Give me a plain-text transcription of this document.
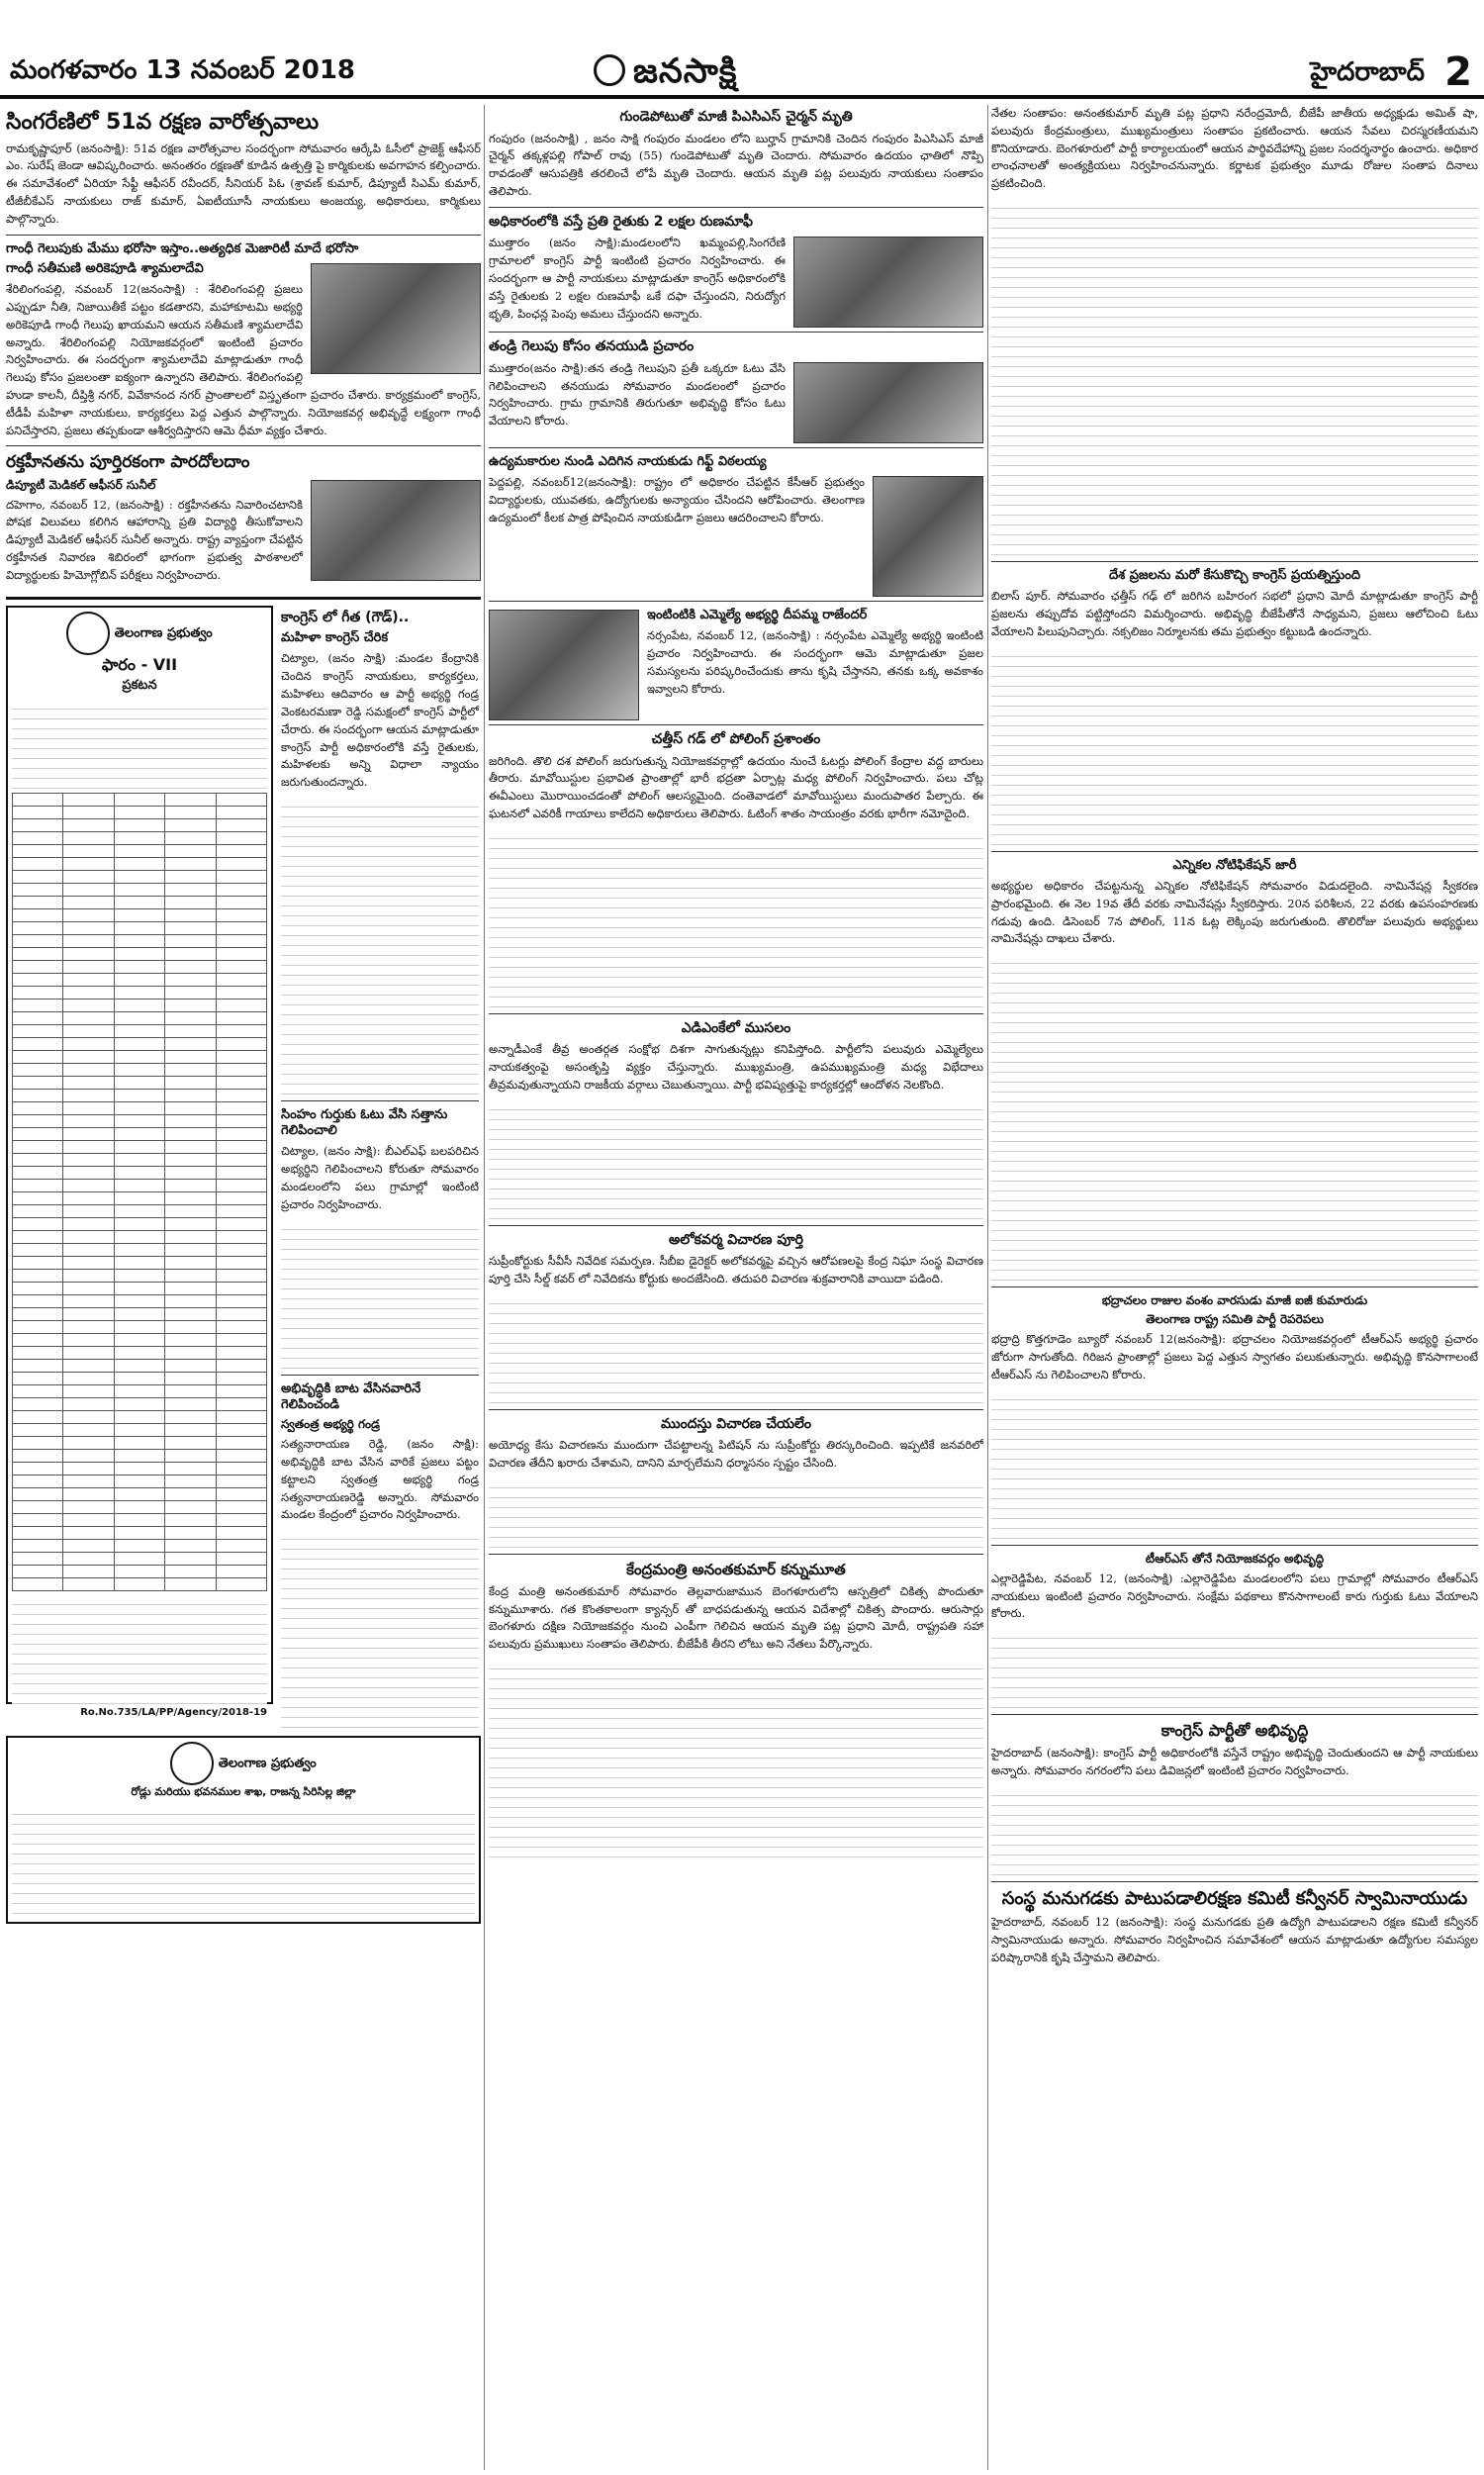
మంగళవారం 13 నవంబర్ 2018	జనసాక్షి	హైదరాబాద్ 2
సింగరేణిలో 51వ రక్షణ వారోత్సవాలు

రామకృష్ణాపూర్ (జనంసాక్షి): 51వ రక్షణ వారోత్సవాల సందర్భంగా సోమవారం ఆర్కేపి ఓసీలో ప్రాజెక్ట్ ఆఫీసర్ ఎం. సురేష్ జెండా ఆవిష్కరించారు. అనంతరం రక్షణతో కూడిన ఉత్పత్తి పై కార్మికులకు అవగాహన కల్పించారు. ఈ సమావేశంలో ఏరియా సేఫ్టీ ఆఫీసర్ రవీందర్, సీనియర్ పిఓ (శ్రావణ్ కుమార్, డిప్యూటీ సిఎమ్ కుమార్, టీజీబీకేఎస్ నాయకులు రాజ్ కుమార్, ఏఐటీయూసీ నాయకులు అంజయ్య, అధికారులు, కార్మికులు పాల్గొన్నారు.

గాంధీ గెలుపుకు మేము భరోసా ఇస్తాం..అత్యధిక మెజారిటీ మాదే భరోసా
గాంధీ సతీమణి అరికెపూడి శ్యామలాదేవి

శేరిలింగంపల్లి, నవంబర్ 12(జనంసాక్షి) : శేరిలింగంపల్లి ప్రజలు ఎప్పుడూ నీతి, నిజాయితీకే పట్టం కడతారని, మహాకూటమి అభ్యర్థి అరికెపూడి గాంధీ గెలుపు ఖాయమని ఆయన సతీమణి శ్యామలాదేవి అన్నారు. శేరిలింగంపల్లి నియోజకవర్గంలో ఇంటింటి ప్రచారం నిర్వహించారు. ఈ సందర్భంగా శ్యామలాదేవి మాట్లాడుతూ గాంధీ గెలుపు కోసం ప్రజలంతా ఐక్యంగా ఉన్నారని తెలిపారు. శేరిలింగంపల్లి హుడా కాలనీ, దీప్తిశ్రీ నగర్, వివేకానంద నగర్ ప్రాంతాలలో విస్తృతంగా ప్రచారం చేశారు. కార్యక్రమంలో కాంగ్రెస్, టీడీపీ మహిళా నాయకులు, కార్యకర్తలు పెద్ద ఎత్తున పాల్గొన్నారు. నియోజకవర్గ అభివృద్ధే లక్ష్యంగా గాంధీ పనిచేస్తారని, ప్రజలు తప్పకుండా ఆశీర్వదిస్తారని ఆమె ధీమా వ్యక్తం చేశారు.

రక్తహీనతను పూర్తిరకంగా పారదోలదాం
డిప్యూటీ మెడికల్ ఆఫీసర్ సునీల్

దహెగాం, నవంబర్ 12, (జనంసాక్షి) : రక్తహీనతను నివారించటానికి పోషక విలువలు కలిగిన ఆహారాన్ని ప్రతి విద్యార్థి తీసుకోవాలని డిప్యూటీ మెడికల్ ఆఫీసర్ సునీల్ అన్నారు. రాష్ట్ర వ్యాప్తంగా చేపట్టిన రక్తహీనత నివారణ శిబిరంలో భాగంగా ప్రభుత్వ పాఠశాలలో విద్యార్థులకు హిమోగ్లోబిన్ పరీక్షలు నిర్వహించారు.

తెలంగాణ ప్రభుత్వం
ఫారం - VII
ప్రకటన

Ro.No.735/LA/PP/Agency/2018-19
కాంగ్రెస్ లో గీత (గౌడ్)..
మహిళా కాంగ్రెస్ చేరిక

చిట్యాల, (జనం సాక్షి) :మండల కేంద్రానికి చెందిన కాంగ్రెస్ నాయకులు, కార్యకర్తలు, మహిళలు ఆదివారం ఆ పార్టీ అభ్యర్థి గండ్ర వెంకటరమణా రెడ్డి సమక్షంలో కాంగ్రెస్ పార్టీలో చేరారు. ఈ సందర్భంగా ఆయన మాట్లాడుతూ కాంగ్రెస్ పార్టీ అధికారంలోకి వస్తే రైతులకు, మహిళలకు అన్ని విధాలా న్యాయం జరుగుతుందన్నారు.

సింహం గుర్తుకు ఓటు వేసి సత్తాను గెలిపించాలి

చిట్యాల, (జనం సాక్షి): బీఎల్ఎఫ్ బలపరిచిన అభ్యర్థిని గెలిపించాలని కోరుతూ సోమవారం మండలంలోని పలు గ్రామాల్లో ఇంటింటి ప్రచారం నిర్వహించారు.

అభివృద్ధికి బాట వేసినవారినే గెలిపించండి
స్వతంత్ర అభ్యర్థి గండ్ర

సత్యనారాయణ రెడ్డి, (జనం సాక్షి): అభివృద్ధికి బాట వేసిన వారికే ప్రజలు పట్టం కట్టాలని స్వతంత్ర అభ్యర్థి గండ్ర సత్యనారాయణరెడ్డి అన్నారు. సోమవారం మండల కేంద్రంలో ప్రచారం నిర్వహించారు.

తెలంగాణ ప్రభుత్వం
రోడ్లు మరియు భవనముల శాఖ, రాజన్న సిరిసిల్ల జిల్లా
గుండెపోటుతో మాజీ పిఎసిఎస్ చైర్మన్ మృతి

గంపురం (జనంసాక్షి) , జనం సాక్షి గంపురం మండలం లోని బుర్హాన్ గ్రామానికి చెందిన గంపురం పిఎసిఎస్ మాజీ చైర్మన్ తక్కళ్లపల్లి గోపాల్ రావు (55) గుండెపోటుతో మృతి చెందారు. సోమవారం ఉదయం ఛాతిలో నొప్పి రావడంతో ఆసుపత్రికి తరలించే లోపే మృతి చెందారు. ఆయన మృతి పట్ల పలువురు నాయకులు సంతాపం తెలిపారు.

అధికారంలోకి వస్తే ప్రతి రైతుకు 2 లక్షల రుణమాఫీ

ముత్తారం (జనం సాక్షి):మండలంలోని ఖమ్మంపల్లి,సింగరేణి గ్రామాలలో కాంగ్రెస్ పార్టీ ఇంటింటి ప్రచారం నిర్వహించారు. ఈ సందర్భంగా ఆ పార్టీ నాయకులు మాట్లాడుతూ కాంగ్రెస్ అధికారంలోకి వస్తే రైతులకు 2 లక్షల రుణమాఫీ ఒకే దఫా చేస్తుందని, నిరుద్యోగ భృతి, పింఛన్ల పెంపు అమలు చేస్తుందని అన్నారు.

తండ్రి గెలుపు కోసం తనయుడి ప్రచారం

ముత్తారం(జనం సాక్షి):తన తండ్రి గెలుపుని ప్రతీ ఒక్కరూ ఓటు వేసి గెలిపించాలని తనయుడు సోమవారం మండలంలో ప్రచారం నిర్వహించారు. గ్రామ గ్రామానికి తిరుగుతూ అభివృద్ధి కోసం ఓటు వేయాలని కోరారు.

ఉద్యమకారుల నుండి ఎదిగిన నాయకుడు గిఫ్ట్ విఠలయ్య

పెద్దపల్లి, నవంబర్12(జనంసాక్షి): రాష్ట్రం లో అధికారం చేపట్టిన కేసీఆర్ ప్రభుత్వం విద్యార్థులకు, యువతకు, ఉద్యోగులకు అన్యాయం చేసిందని ఆరోపించారు. తెలంగాణ ఉద్యమంలో కీలక పాత్ర పోషించిన నాయకుడిగా ప్రజలు ఆదరించాలని కోరారు.

ఇంటింటికి ఎమ్మెల్యే అభ్యర్థి దీపమ్మ రాజేందర్

నర్సంపేట, నవంబర్ 12, (జనంసాక్షి) : నర్సంపేట ఎమ్మెల్యే అభ్యర్థి ఇంటింటి ప్రచారం నిర్వహించారు. ఈ సందర్భంగా ఆమె మాట్లాడుతూ ప్రజల సమస్యలను పరిష్కరించేందుకు తాను కృషి చేస్తానని, తనకు ఒక్క అవకాశం ఇవ్వాలని కోరారు.

చత్తీస్ గడ్ లో పోలింగ్ ప్రశాంతం

జరిగింది. తొలి దశ పోలింగ్ జరుగుతున్న నియోజకవర్గాల్లో ఉదయం నుంచే ఓటర్లు పోలింగ్ కేంద్రాల వద్ద బారులు తీరారు. మావోయిస్టుల ప్రభావిత ప్రాంతాల్లో భారీ భద్రతా ఏర్పాట్ల మధ్య పోలింగ్ నిర్వహించారు. పలు చోట్ల ఈవీఎంలు మొరాయించడంతో పోలింగ్ ఆలస్యమైంది. దంతెవాడలో మావోయిస్టులు మందుపాతర పేల్చారు. ఈ ఘటనలో ఎవరికీ గాయాలు కాలేదని అధికారులు తెలిపారు. ఓటింగ్ శాతం సాయంత్రం వరకు భారీగా నమోదైంది.

ఎడిఎంకేలో ముసలం

అన్నాడీఎంకే తీవ్ర అంతర్గత సంక్షోభ దిశగా సాగుతున్నట్లు కనిపిస్తోంది. పార్టీలోని పలువురు ఎమ్మెల్యేలు నాయకత్వంపై అసంతృప్తి వ్యక్తం చేస్తున్నారు. ముఖ్యమంత్రి, ఉపముఖ్యమంత్రి మధ్య విభేదాలు తీవ్రమవుతున్నాయని రాజకీయ వర్గాలు చెబుతున్నాయి. పార్టీ భవిష్యత్తుపై కార్యకర్తల్లో ఆందోళన నెలకొంది.

అలోకవర్మ విచారణ పూర్తి

సుప్రీంకోర్టుకు సీవీసీ నివేదిక సమర్పణ. సీబీఐ డైరెక్టర్ అలోకవర్మపై వచ్చిన ఆరోపణలపై కేంద్ర నిఘా సంస్థ విచారణ పూర్తి చేసి సీల్డ్ కవర్ లో నివేదికను కోర్టుకు అందజేసింది. తదుపరి విచారణ శుక్రవారానికి వాయిదా పడింది.

ముందస్తు విచారణ చేయలేం

అయోధ్య కేసు విచారణను ముందుగా చేపట్టాలన్న పిటిషన్ ను సుప్రీంకోర్టు తిరస్కరించింది. ఇప్పటికే జనవరిలో విచారణ తేదీని ఖరారు చేశామని, దానిని మార్చలేమని ధర్మాసనం స్పష్టం చేసింది.

కేంద్రమంత్రి అనంతకుమార్ కన్నుమూత

కేంద్ర మంత్రి అనంతకుమార్ సోమవారం తెల్లవారుజామున బెంగళూరులోని ఆస్పత్రిలో చికిత్స పొందుతూ కన్నుమూశారు. గత కొంతకాలంగా క్యాన్సర్ తో బాధపడుతున్న ఆయన విదేశాల్లో చికిత్స పొందారు. ఆరుసార్లు బెంగళూరు దక్షిణ నియోజకవర్గం నుంచి ఎంపీగా గెలిచిన ఆయన మృతి పట్ల ప్రధాని మోదీ, రాష్ట్రపతి సహా పలువురు ప్రముఖులు సంతాపం తెలిపారు. బీజేపీకి తీరని లోటు అని నేతలు పేర్కొన్నారు.

నేతల సంతాపం: అనంతకుమార్ మృతి పట్ల ప్రధాని నరేంద్రమోదీ, బీజేపీ జాతీయ అధ్యక్షుడు అమిత్ షా, పలువురు కేంద్రమంత్రులు, ముఖ్యమంత్రులు సంతాపం ప్రకటించారు. ఆయన సేవలు చిరస్మరణీయమని కొనియాడారు. బెంగళూరులో పార్టీ కార్యాలయంలో ఆయన పార్థివదేహాన్ని ప్రజల సందర్శనార్థం ఉంచారు. అధికార లాంఛనాలతో అంత్యక్రియలు నిర్వహించనున్నారు. కర్ణాటక ప్రభుత్వం మూడు రోజుల సంతాప దినాలు ప్రకటించింది.

దేశ ప్రజలను మరో కేసుకొచ్చి కాంగ్రెస్ ప్రయత్నిస్తుంది

బిలాస్ పూర్. సోమవారం ఛత్తీస్ గఢ్ లో జరిగిన బహిరంగ సభలో ప్రధాని మోదీ మాట్లాడుతూ కాంగ్రెస్ పార్టీ ప్రజలను తప్పుదోవ పట్టిస్తోందని విమర్శించారు. అభివృద్ధి బీజేపీతోనే సాధ్యమని, ప్రజలు ఆలోచించి ఓటు వేయాలని పిలుపునిచ్చారు. నక్సలిజం నిర్మూలనకు తమ ప్రభుత్వం కట్టుబడి ఉందన్నారు.

ఎన్నికల నోటిఫికేషన్ జారీ

అభ్యర్థుల అధికారం చేపట్టనున్న ఎన్నికల నోటిఫికేషన్ సోమవారం విడుదలైంది. నామినేషన్ల స్వీకరణ ప్రారంభమైంది. ఈ నెల 19వ తేదీ వరకు నామినేషన్లు స్వీకరిస్తారు. 20న పరిశీలన, 22 వరకు ఉపసంహరణకు గడువు ఉంది. డిసెంబర్ 7న పోలింగ్, 11న ఓట్ల లెక్కింపు జరుగుతుంది. తొలిరోజు పలువురు అభ్యర్థులు నామినేషన్లు దాఖలు చేశారు.

భద్రాచలం రాజుల వంశం వారసుడు మాజీ ఐజీ కుమారుడు
తెలంగాణ రాష్ట్ర సమితి పార్టీ రెపరెపలు

భద్రాద్రి కొత్తగూడెం బ్యూరో నవంబర్ 12(జనంసాక్షి): భద్రాచలం నియోజకవర్గంలో టీఆర్ఎస్ అభ్యర్థి ప్రచారం జోరుగా సాగుతోంది. గిరిజన ప్రాంతాల్లో ప్రజలు పెద్ద ఎత్తున స్వాగతం పలుకుతున్నారు. అభివృద్ధి కొనసాగాలంటే టీఆర్ఎస్ ను గెలిపించాలని కోరారు.

టీఆర్ఎస్ తోనే నియోజకవర్గం అభివృద్ధి

ఎల్లారెడ్డిపేట, నవంబర్ 12, (జనంసాక్షి) :ఎల్లారెడ్డిపేట మండలంలోని పలు గ్రామాల్లో సోమవారం టీఆర్ఎస్ నాయకులు ఇంటింటి ప్రచారం నిర్వహించారు. సంక్షేమ పథకాలు కొనసాగాలంటే కారు గుర్తుకు ఓటు వేయాలని కోరారు.

కాంగ్రెస్ పార్టీతో అభివృద్ధి

హైదరాబాద్ (జనంసాక్షి): కాంగ్రెస్ పార్టీ అధికారంలోకి వస్తేనే రాష్ట్రం అభివృద్ధి చెందుతుందని ఆ పార్టీ నాయకులు అన్నారు. సోమవారం నగరంలోని పలు డివిజన్లలో ఇంటింటి ప్రచారం నిర్వహించారు.

సంస్థ మనుగడకు పాటుపడాలిరక్షణ కమిటీ కన్వీనర్ స్వామినాయుడు

హైదరాబాద్, నవంబర్ 12 (జనంసాక్షి): సంస్థ మనుగడకు ప్రతి ఉద్యోగి పాటుపడాలని రక్షణ కమిటీ కన్వీనర్ స్వామినాయుడు అన్నారు. సోమవారం నిర్వహించిన సమావేశంలో ఆయన మాట్లాడుతూ ఉద్యోగుల సమస్యల పరిష్కారానికి కృషి చేస్తామని తెలిపారు.
